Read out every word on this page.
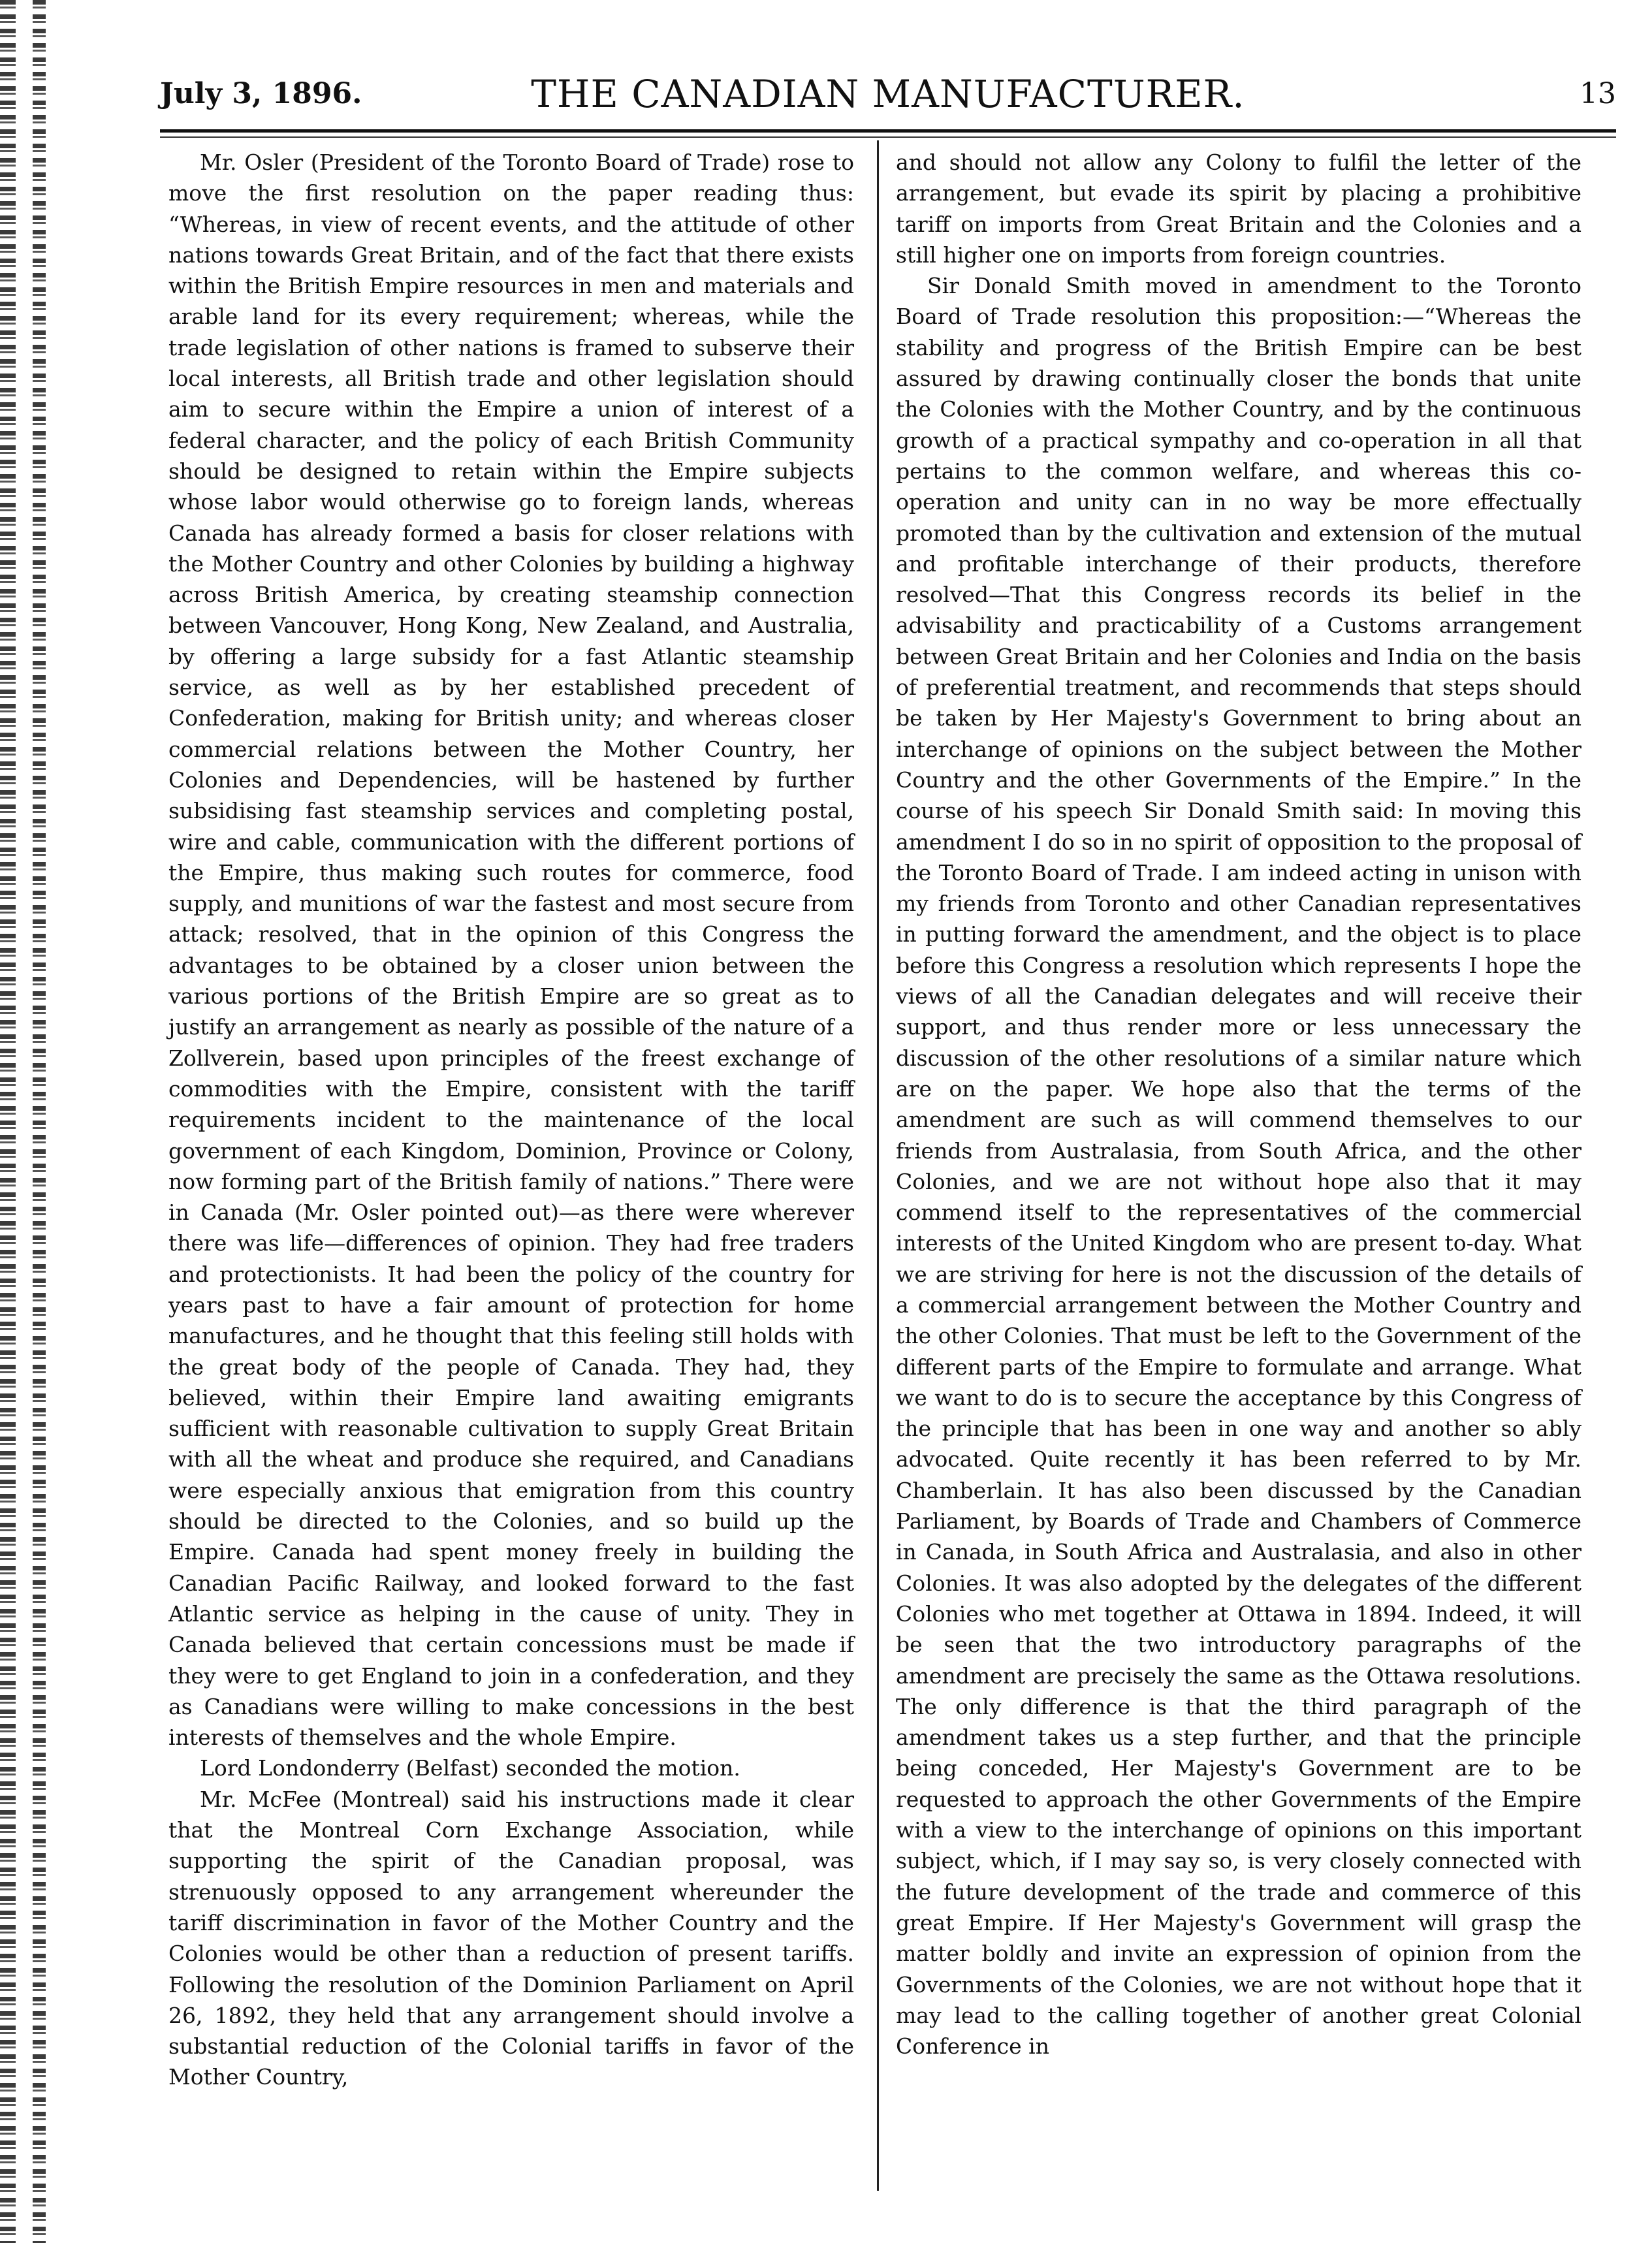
July 3, 1896.	THE CANADIAN MANUFACTURER.	13

Mr. Osler (President of the Toronto Board of Trade) rose to move the first resolution on the paper reading thus: “Whereas, in view of recent events, and the attitude of other nations towards Great Britain, and of the fact that there exists within the British Empire resources in men and materials and arable land for its every requirement; whereas, while the trade legislation of other nations is framed to subserve their local interests, all British trade and other legislation should aim to secure within the Empire a union of interest of a federal character, and the policy of each British Community should be designed to retain within the Empire subjects whose labor would otherwise go to foreign lands, whereas Canada has already formed a basis for closer relations with the Mother Country and other Colonies by building a highway across British America, by creating steamship connection between Vancouver, Hong Kong, New Zealand, and Australia, by offering a large subsidy for a fast Atlantic steamship service, as well as by her established precedent of Confederation, making for British unity; and whereas closer commercial relations between the Mother Country, her Colonies and Dependencies, will be hastened by further subsidising fast steamship services and completing postal, wire and cable, communication with the different portions of the Empire, thus making such routes for commerce, food supply, and munitions of war the fastest and most secure from attack; resolved, that in the opinion of this Congress the advantages to be obtained by a closer union between the various portions of the British Empire are so great as to justify an arrangement as nearly as possible of the nature of a Zollverein, based upon principles of the freest exchange of commodities with the Empire, consistent with the tariff requirements incident to the maintenance of the local government of each Kingdom, Dominion, Province or Colony, now forming part of the British family of nations.” There were in Canada (Mr. Osler pointed out)—as there were wherever there was life—differences of opinion. They had free traders and protectionists. It had been the policy of the country for years past to have a fair amount of protection for home manufactures, and he thought that this feeling still holds with the great body of the people of Canada. They had, they believed, within their Empire land awaiting emigrants sufficient with reasonable cultivation to supply Great Britain with all the wheat and produce she required, and Canadians were especially anxious that emigration from this country should be directed to the Colonies, and so build up the Empire. Canada had spent money freely in building the Canadian Pacific Railway, and looked forward to the fast Atlantic service as helping in the cause of unity. They in Canada believed that certain concessions must be made if they were to get England to join in a confederation, and they as Canadians were willing to make concessions in the best interests of themselves and the whole Empire.

Lord Londonderry (Belfast) seconded the motion.

Mr. McFee (Montreal) said his instructions made it clear that the Montreal Corn Exchange Association, while supporting the spirit of the Canadian proposal, was strenuously opposed to any arrangement whereunder the tariff discrimination in favor of the Mother Country and the Colonies would be other than a reduction of present tariffs. Following the resolution of the Dominion Parliament on April 26, 1892, they held that any arrangement should involve a substantial reduction of the Colonial tariffs in favor of the Mother Country,

and should not allow any Colony to fulfil the letter of the arrangement, but evade its spirit by placing a prohibitive tariff on imports from Great Britain and the Colonies and a still higher one on imports from foreign countries.

Sir Donald Smith moved in amendment to the Toronto Board of Trade resolution this proposition:—“Whereas the stability and progress of the British Empire can be best assured by drawing continually closer the bonds that unite the Colonies with the Mother Country, and by the continuous growth of a practical sympathy and co-operation in all that pertains to the common welfare, and whereas this co-operation and unity can in no way be more effectually promoted than by the cultivation and extension of the mutual and profitable interchange of their products, therefore resolved—That this Congress records its belief in the advisability and practicability of a Customs arrangement between Great Britain and her Colonies and India on the basis of preferential treatment, and recommends that steps should be taken by Her Majesty's Government to bring about an interchange of opinions on the subject between the Mother Country and the other Governments of the Empire.” In the course of his speech Sir Donald Smith said: In moving this amendment I do so in no spirit of opposition to the proposal of the Toronto Board of Trade. I am indeed acting in unison with my friends from Toronto and other Canadian representatives in putting forward the amendment, and the object is to place before this Congress a resolution which represents I hope the views of all the Canadian delegates and will receive their support, and thus render more or less unnecessary the discussion of the other resolutions of a similar nature which are on the paper. We hope also that the terms of the amendment are such as will commend themselves to our friends from Australasia, from South Africa, and the other Colonies, and we are not without hope also that it may commend itself to the representatives of the commercial interests of the United Kingdom who are present to-day. What we are striving for here is not the discussion of the details of a commercial arrangement between the Mother Country and the other Colonies. That must be left to the Government of the different parts of the Empire to formulate and arrange. What we want to do is to secure the acceptance by this Congress of the principle that has been in one way and another so ably advocated. Quite recently it has been referred to by Mr. Chamberlain. It has also been discussed by the Canadian Parliament, by Boards of Trade and Chambers of Commerce in Canada, in South Africa and Australasia, and also in other Colonies. It was also adopted by the delegates of the different Colonies who met together at Ottawa in 1894. Indeed, it will be seen that the two introductory paragraphs of the amendment are precisely the same as the Ottawa resolutions. The only difference is that the third paragraph of the amendment takes us a step further, and that the principle being conceded, Her Majesty's Government are to be requested to approach the other Governments of the Empire with a view to the interchange of opinions on this important subject, which, if I may say so, is very closely connected with the future development of the trade and commerce of this great Empire. If Her Majesty's Government will grasp the matter boldly and invite an expression of opinion from the Governments of the Colonies, we are not without hope that it may lead to the calling together of another great Colonial Conference in
